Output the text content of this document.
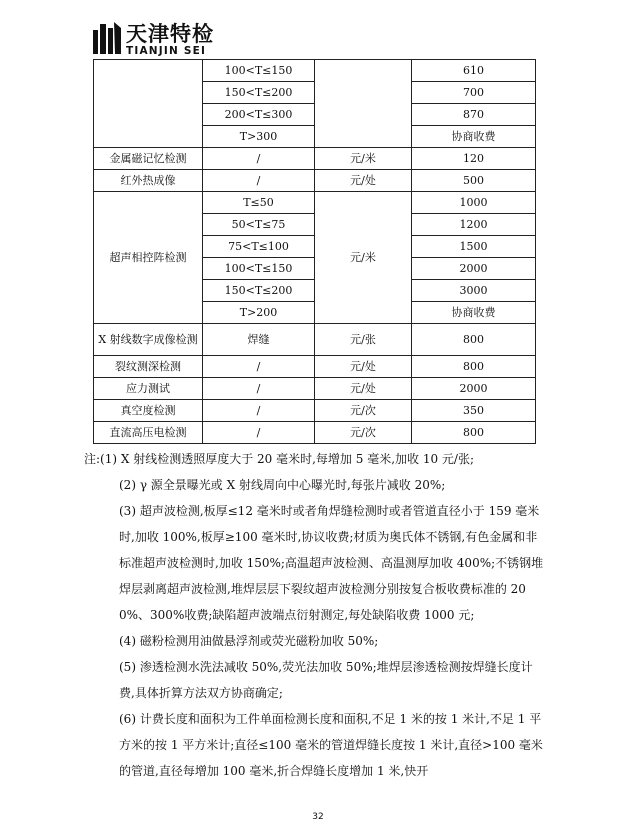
天津特检
TIANJIN SEI
	100<T≤150		610
	150<T≤200		700
	200<T≤300		870
	T>300		协商收费
金属磁记忆检测	/	元/米	120
红外热成像	/	元/处	500
超声相控阵检测	T≤50	元/米	1000
	50<T≤75		1200
	75<T≤100		1500
	100<T≤150		2000
	150<T≤200		3000
	T>200		协商收费
X 射线数字成像检测	焊缝	元/张	800
裂纹测深检测	/	元/处	800
应力测试	/	元/处	2000
真空度检测	/	元/次	350
直流高压电检测	/	元/次	800
注:(1) X 射线检测透照厚度大于 20 毫米时,每增加 5 毫米,加收 10 元/张;
(2) γ 源全景曝光或 X 射线周向中心曝光时,每张片减收 20%;
(3) 超声波检测,板厚≤12 毫米时或者角焊缝检测时或者管道直径小于 159 毫米时,加收 100%,板厚≥100 毫米时,协议收费;材质为奥氏体不锈钢,有色金属和非标准超声波检测时,加收 150%;高温超声波检测、高温测厚加收 400%;不锈钢堆焊层剥离超声波检测,堆焊层层下裂纹超声波检测分别按复合板收费标准的 200%、300%收费;缺陷超声波端点衍射测定,每处缺陷收费 1000 元;
(4) 磁粉检测用油做悬浮剂或荧光磁粉加收 50%;
(5) 渗透检测水洗法减收 50%,荧光法加收 50%;堆焊层渗透检测按焊缝长度计费,具体折算方法双方协商确定;
(6) 计费长度和面积为工件单面检测长度和面积,不足 1 米的按 1 米计,不足 1 平方米的按 1 平方米计;直径≤100 毫米的管道焊缝长度按 1 米计,直径>100 毫米的管道,直径每增加 100 毫米,折合焊缝长度增加 1 米,快开
32
